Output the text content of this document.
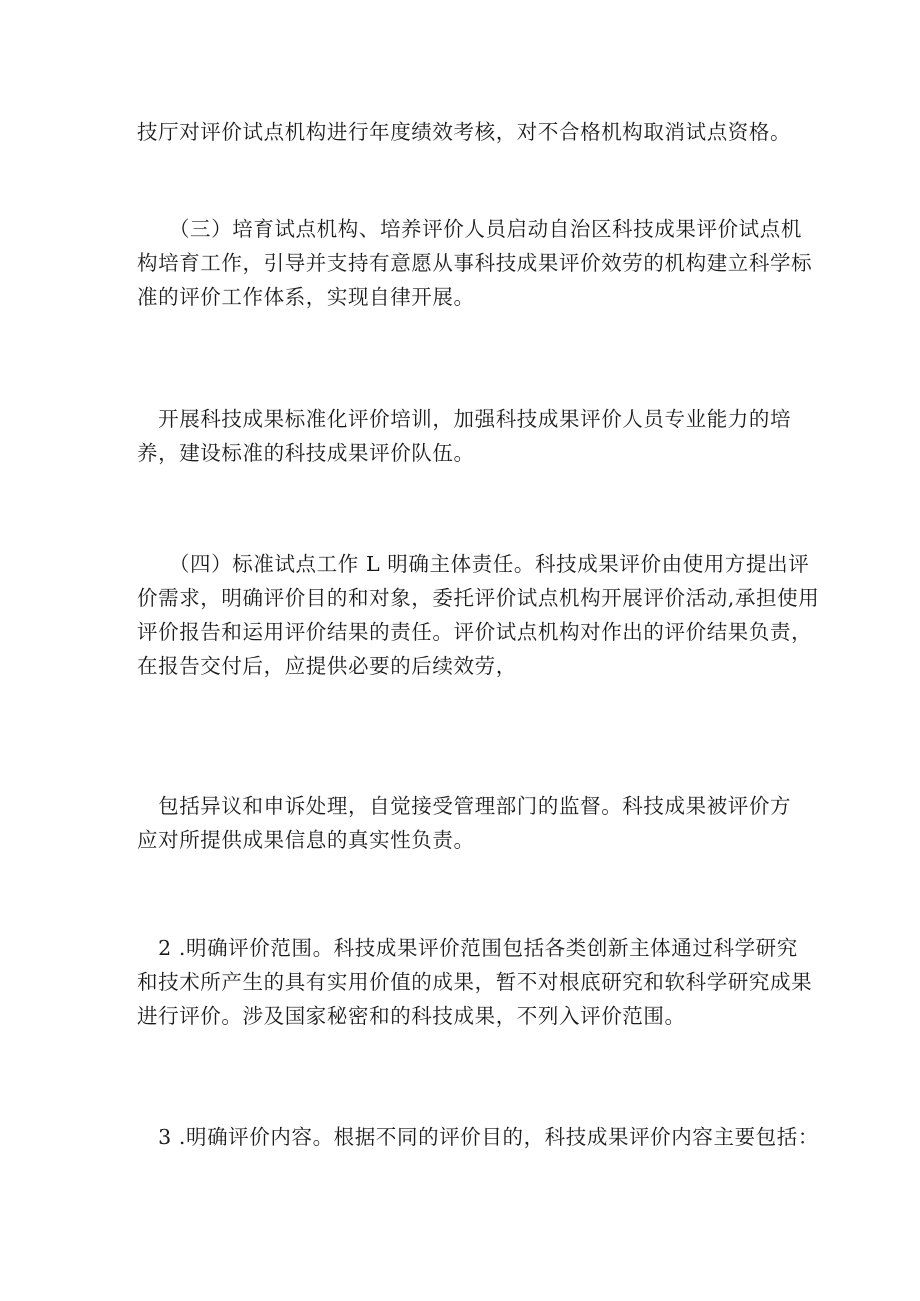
技厅对评价试点机构进行年度绩效考核，对不合格机构取消试点资格。

　　（三）培育试点机构、培养评价人员启动自治区科技成果评价试点机
构培育工作，引导并支持有意愿从事科技成果评价效劳的机构建立科学标
准的评价工作体系，实现自律开展。

　开展科技成果标准化评价培训，加强科技成果评价人员专业能力的培
养，建设标准的科技成果评价队伍。

　　（四）标准试点工作 L 明确主体责任。科技成果评价由使用方提出评
价需求，明确评价目的和对象，委托评价试点机构开展评价活动,承担使用
评价报告和运用评价结果的责任。评价试点机构对作出的评价结果负责，
在报告交付后，应提供必要的后续效劳，

　包括异议和申诉处理，自觉接受管理部门的监督。科技成果被评价方
应对所提供成果信息的真实性负责。

　2 .明确评价范围。科技成果评价范围包括各类创新主体通过科学研究
和技术所产生的具有实用价值的成果，暂不对根底研究和软科学研究成果
进行评价。涉及国家秘密和的科技成果，不列入评价范围。

　3 .明确评价内容。根据不同的评价目的，科技成果评价内容主要包括：
